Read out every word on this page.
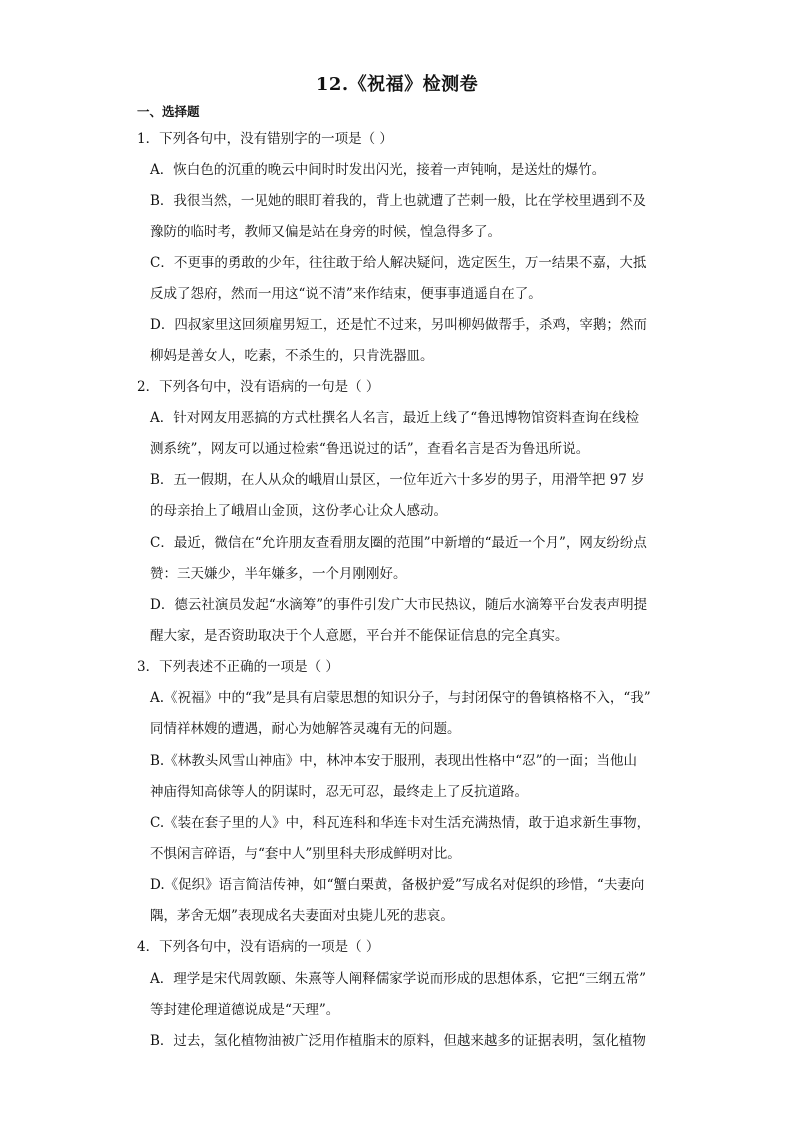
12.《祝福》检测卷
一、选择题
1．下列各句中，没有错别字的一项是（ ）
A．恢白色的沉重的晚云中间时时发出闪光，接着一声钝响，是送灶的爆竹。
B．我很当然，一见她的眼盯着我的，背上也就遭了芒刺一般，比在学校里遇到不及
豫防的临时考，教师又偏是站在身旁的时候，惶急得多了。
C．不更事的勇敢的少年，往往敢于给人解决疑问，选定医生，万一结果不嘉，大抵
反成了怨府，然而一用这“说不清”来作结束，便事事逍遥自在了。
D．四叔家里这回须雇男短工，还是忙不过来，另叫柳妈做帮手，杀鸡，宰鹅；然而
柳妈是善女人，吃素，不杀生的，只肯洗器皿。
2．下列各句中，没有语病的一句是（ ）
A．针对网友用恶搞的方式杜撰名人名言，最近上线了“鲁迅博物馆资料查询在线检
测系统”，网友可以通过检索“鲁迅说过的话”，查看名言是否为鲁迅所说。
B．五一假期，在人从众的峨眉山景区，一位年近六十多岁的男子，用滑竿把 97 岁
的母亲抬上了峨眉山金顶，这份孝心让众人感动。
C．最近，微信在“允许朋友查看朋友圈的范围”中新增的“最近一个月”，网友纷纷点
赞：三天嫌少，半年嫌多，一个月刚刚好。
D．德云社演员发起“水滴筹”的事件引发广大市民热议，随后水滴筹平台发表声明提
醒大家，是否资助取决于个人意愿，平台并不能保证信息的完全真实。
3．下列表述不正确的一项是（ ）
A.《祝福》中的“我”是具有启蒙思想的知识分子，与封闭保守的鲁镇格格不入，“我”
同情祥林嫂的遭遇，耐心为她解答灵魂有无的问题。
B.《林教头风雪山神庙》中，林冲本安于服刑，表现出性格中“忍”的一面；当他山
神庙得知高俅等人的阴谋时，忍无可忍，最终走上了反抗道路。
C.《装在套子里的人》中，科瓦连科和华连卡对生活充满热情，敢于追求新生事物，
不惧闲言碎语，与“套中人”别里科夫形成鲜明对比。
D.《促织》语言简洁传神，如“蟹白栗黄，备极护爱”写成名对促织的珍惜，“夫妻向
隅，茅舍无烟”表现成名夫妻面对虫毙儿死的悲哀。
4．下列各句中，没有语病的一项是（ ）
A．理学是宋代周敦颐、朱熹等人阐释儒家学说而形成的思想体系，它把“三纲五常”
等封建伦理道德说成是“天理”。
B．过去，氢化植物油被广泛用作植脂末的原料，但越来越多的证据表明，氢化植物
